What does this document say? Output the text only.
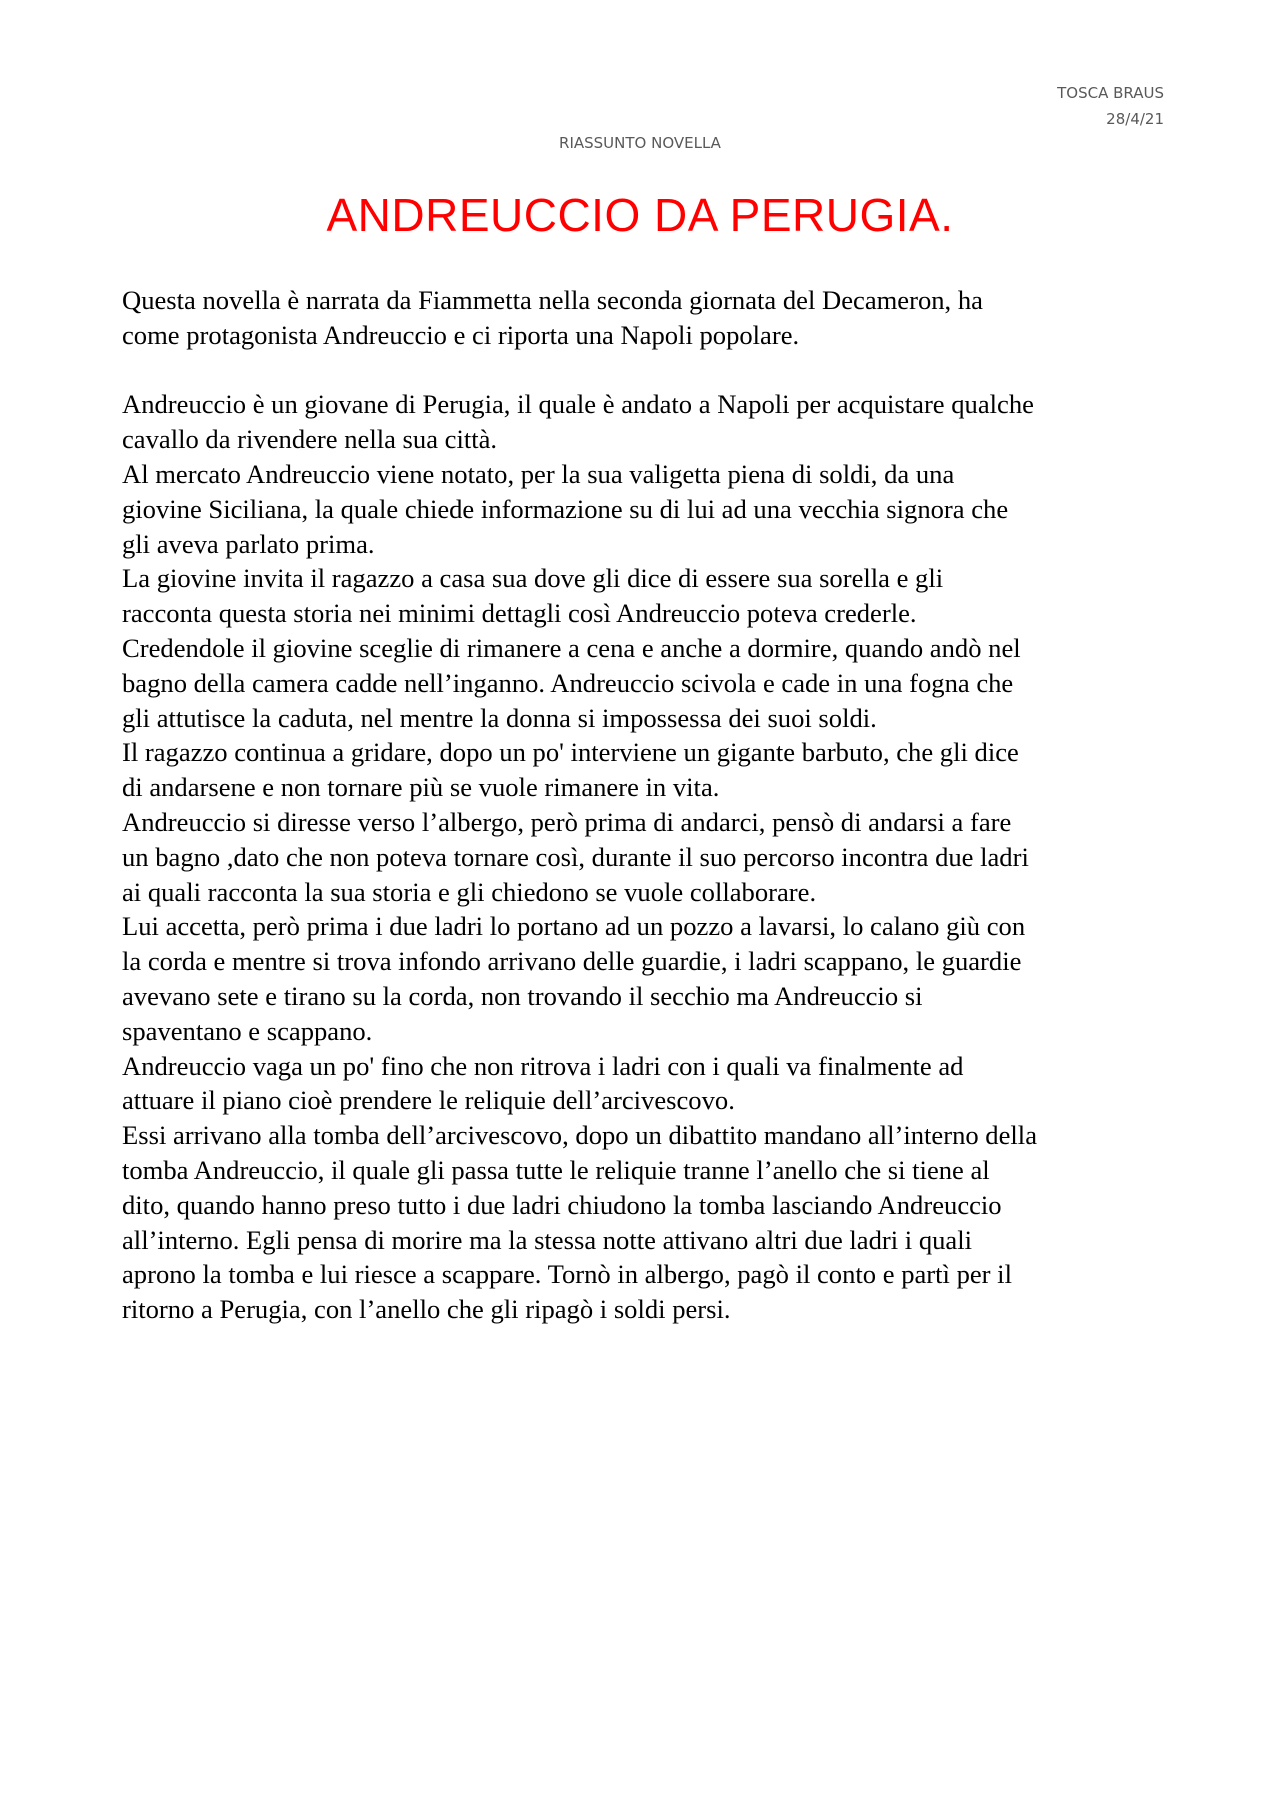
TOSCA BRAUS
28/4/21
RIASSUNTO NOVELLA
ANDREUCCIO DA PERUGIA.
Questa novella è narrata da Fiammetta nella seconda giornata del Decameron, ha
come protagonista Andreuccio e ci riporta una Napoli popolare.
Andreuccio è un giovane di Perugia, il quale è andato a Napoli per acquistare qualche
cavallo da rivendere nella sua città.
Al mercato Andreuccio viene notato, per la sua valigetta piena di soldi, da una
giovine Siciliana, la quale chiede informazione su di lui ad una vecchia signora che
gli aveva parlato prima.
La giovine invita il ragazzo a casa sua dove gli dice di essere sua sorella e gli
racconta questa storia nei minimi dettagli così Andreuccio poteva crederle.
Credendole il giovine sceglie di rimanere a cena e anche a dormire, quando andò nel
bagno della camera cadde nell’inganno. Andreuccio scivola e cade in una fogna che
gli attutisce la caduta, nel mentre la donna si impossessa dei suoi soldi.
Il ragazzo continua a gridare, dopo un po' interviene un gigante barbuto, che gli dice
di andarsene e non tornare più se vuole rimanere in vita.
Andreuccio si diresse verso l’albergo, però prima di andarci, pensò di andarsi a fare
un bagno ,dato che non poteva tornare così, durante il suo percorso incontra due ladri
ai quali racconta la sua storia e gli chiedono se vuole collaborare.
Lui accetta, però prima i due ladri lo portano ad un pozzo a lavarsi, lo calano giù con
la corda e mentre si trova infondo arrivano delle guardie, i ladri scappano, le guardie
avevano sete e tirano su la corda, non trovando il secchio ma Andreuccio si
spaventano e scappano.
Andreuccio vaga un po' fino che non ritrova i ladri con i quali va finalmente ad
attuare il piano cioè prendere le reliquie dell’arcivescovo.
Essi arrivano alla tomba dell’arcivescovo, dopo un dibattito mandano all’interno della
tomba Andreuccio, il quale gli passa tutte le reliquie tranne l’anello che si tiene al
dito, quando hanno preso tutto i due ladri chiudono la tomba lasciando Andreuccio
all’interno. Egli pensa di morire ma la stessa notte attivano altri due ladri i quali
aprono la tomba e lui riesce a scappare. Tornò in albergo, pagò il conto e partì per il
ritorno a Perugia, con l’anello che gli ripagò i soldi persi.
